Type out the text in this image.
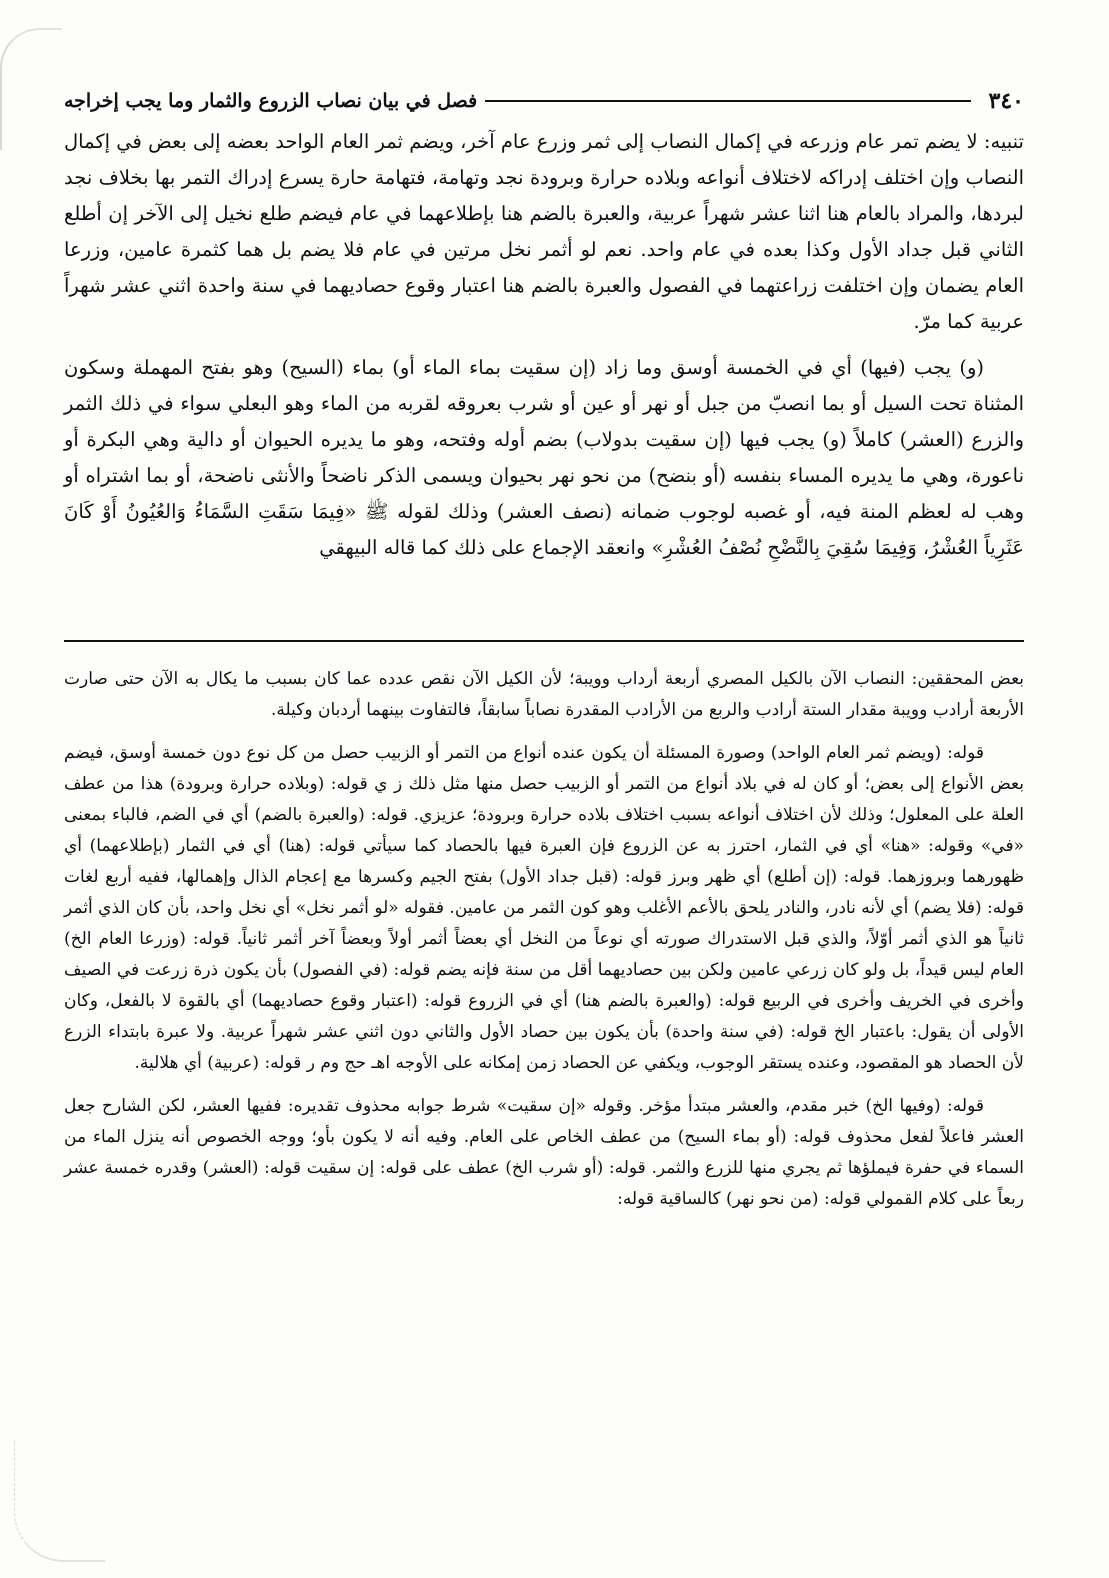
٣٤٠
فصل في بيان نصاب الزروع والثمار وما يجب إخراجه

تنبيه: لا يضم تمر عام وزرعه في إكمال النصاب إلى ثمر وزرع عام آخر، ويضم ثمر العام الواحد بعضه إلى بعض في إكمال النصاب وإن اختلف إدراكه لاختلاف أنواعه وبلاده حرارة وبرودة نجد وتهامة، فتهامة حارة يسرع إدراك التمر بها بخلاف نجد لبردها، والمراد بالعام هنا اثنا عشر شهراً عربية، والعبرة بالضم هنا بإطلاعهما في عام فيضم طلع نخيل إلى الآخر إن أطلع الثاني قبل جداد الأول وكذا بعده في عام واحد. نعم لو أثمر نخل مرتين في عام فلا يضم بل هما كثمرة عامين، وزرعا العام يضمان وإن اختلفت زراعتهما في الفصول والعبرة بالضم هنا اعتبار وقوع حصاديهما في سنة واحدة اثني عشر شهراً عربية كما مرّ.

(و) يجب (فيها) أي في الخمسة أوسق وما زاد (إن سقيت بماء الماء أو) بماء (السيح) وهو بفتح المهملة وسكون المثناة تحت السيل أو بما انصبّ من جبل أو نهر أو عين أو شرب بعروقه لقربه من الماء وهو البعلي سواء في ذلك الثمر والزرع (العشر) كاملاً (و) يجب فيها (إن سقيت بدولاب) بضم أوله وفتحه، وهو ما يديره الحيوان أو دالية وهي البكرة أو ناعورة، وهي ما يديره المساء بنفسه (أو بنضح) من نحو نهر بحيوان ويسمى الذكر ناضحاً والأنثى ناضحة، أو بما اشتراه أو وهب له لعظم المنة فيه، أو غصبه لوجوب ضمانه (نصف العشر) وذلك لقوله ﷺ «فِيمَا سَقَتِ السَّمَاءُ وَالعُيُونُ أَوْ كَانَ عَثَرِياً العُشْرُ، وَفِيمَا سُقِيَ بِالنَّضْحِ نُصْفُ العُشْرِ» وانعقد الإجماع على ذلك كما قاله البيهقي

بعض المحققين: النصاب الآن بالكيل المصري أربعة أرداب وويبة؛ لأن الكيل الآن نقص عدده عما كان بسبب ما يكال به الآن حتى صارت الأربعة أرادب وويبة مقدار الستة أرادب والربع من الأرادب المقدرة نصاباً سابقاً، فالتفاوت بينهما أردبان وكيلة.

قوله: (ويضم ثمر العام الواحد) وصورة المسئلة أن يكون عنده أنواع من التمر أو الزبيب حصل من كل نوع دون خمسة أوسق، فيضم بعض الأنواع إلى بعض؛ أو كان له في بلاد أنواع من التمر أو الزبيب حصل منها مثل ذلك ز ي قوله: (وبلاده حرارة وبرودة) هذا من عطف العلة على المعلول؛ وذلك لأن اختلاف أنواعه بسبب اختلاف بلاده حرارة وبرودة؛ عزيزي. قوله: (والعبرة بالضم) أي في الضم، فالباء بمعنى «في» وقوله: «هنا» أي في الثمار، احترز به عن الزروع فإن العبرة فيها بالحصاد كما سيأتي قوله: (هنا) أي في الثمار (بإطلاعهما) أي ظهورهما وبروزهما. قوله: (إن أطلع) أي ظهر وبرز قوله: (قبل جداد الأول) بفتح الجيم وكسرها مع إعجام الذال وإهمالها، ففيه أربع لغات قوله: (فلا يضم) أي لأنه نادر، والنادر يلحق بالأعم الأغلب وهو كون الثمر من عامين. فقوله «لو أثمر نخل» أي نخل واحد، بأن كان الذي أثمر ثانياً هو الذي أثمر أوّلاً، والذي قبل الاستدراك صورته أي نوعاً من النخل أي بعضاً أثمر أولاً وبعضاً آخر أثمر ثانياً. قوله: (وزرعا العام الخ) العام ليس قيداً، بل ولو كان زرعي عامين ولكن بين حصاديهما أقل من سنة فإنه يضم قوله: (في الفصول) بأن يكون ذرة زرعت في الصيف وأخرى في الخريف وأخرى في الربيع قوله: (والعبرة بالضم هنا) أي في الزروع قوله: (اعتبار وقوع حصاديهما) أي بالقوة لا بالفعل، وكان الأولى أن يقول: باعتبار الخ قوله: (في سنة واحدة) بأن يكون بين حصاد الأول والثاني دون اثني عشر شهراً عربية. ولا عبرة بابتداء الزرع لأن الحصاد هو المقصود، وعنده يستقر الوجوب، ويكفي عن الحصاد زمن إمكانه على الأوجه اهـ حج وم ر قوله: (عربية) أي هلالية.

قوله: (وفيها الخ) خبر مقدم، والعشر مبتدأ مؤخر. وقوله «إن سقيت» شرط جوابه محذوف تقديره: ففيها العشر، لكن الشارح جعل العشر فاعلاً لفعل محذوف قوله: (أو بماء السيح) من عطف الخاص على العام. وفيه أنه لا يكون بأو؛ ووجه الخصوص أنه ينزل الماء من السماء في حفرة فيملؤها ثم يجري منها للزرع والثمر. قوله: (أو شرب الخ) عطف على قوله: إن سقيت قوله: (العشر) وقدره خمسة عشر ربعاً على كلام القمولي قوله: (من نحو نهر) كالساقية قوله:
